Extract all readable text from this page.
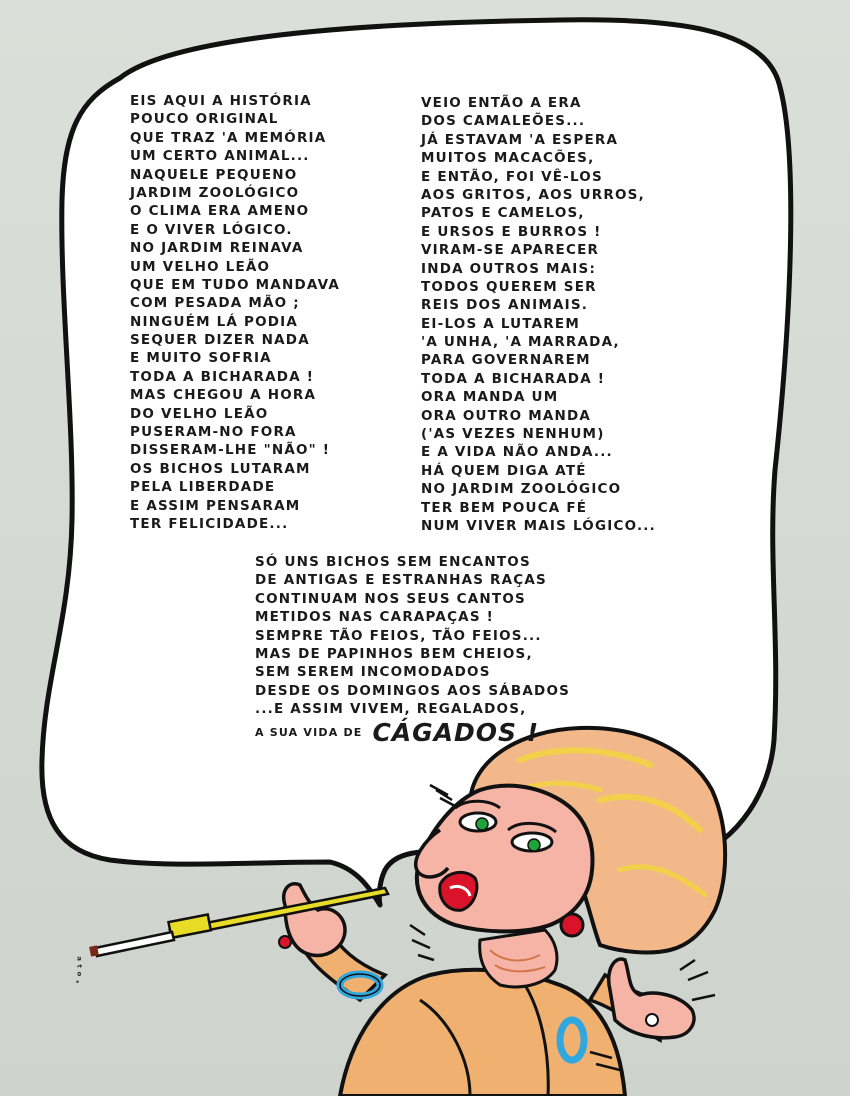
EIS AQUI A HISTÓRIA
POUCO ORIGINAL
QUE TRAZ 'A MEMÓRIA
UM CERTO ANIMAL...
NAQUELE PEQUENO
JARDIM ZOOLÓGICO
O CLIMA ERA AMENO
E O VIVER LÓGICO.
NO JARDIM REINAVA
UM VELHO LEÃO
QUE EM TUDO MANDAVA
COM PESADA MÃO ;
NINGUÉM LÁ PODIA
SEQUER DIZER NADA
E MUITO SOFRIA
TODA A BICHARADA !
MAS CHEGOU A HORA
DO VELHO LEÃO
PUSERAM-NO FORA
DISSERAM-LHE "NÃO" !
OS BICHOS LUTARAM
PELA LIBERDADE
E ASSIM PENSARAM
TER FELICIDADE...
VEIO ENTÃO A ERA
DOS CAMALEÕES...
JÁ ESTAVAM 'A ESPERA
MUITOS MACACÕES,
E ENTÃO, FOI VÊ-LOS
AOS GRITOS, AOS URROS,
PATOS E CAMELOS,
E URSOS E BURROS !
VIRAM-SE APARECER
INDA OUTROS MAIS:
TODOS QUEREM SER
REIS DOS ANIMAIS.
EI-LOS A LUTAREM
'A UNHA, 'A MARRADA,
PARA GOVERNAREM
TODA A BICHARADA !
ORA MANDA UM
ORA OUTRO MANDA
('AS VEZES NENHUM)
E A VIDA NÃO ANDA...
HÁ QUEM DIGA ATÉ
NO JARDIM ZOOLÓGICO
TER BEM POUCA FÉ
NUM VIVER MAIS LÓGICO...
SÓ UNS BICHOS SEM ENCANTOS
DE ANTIGAS E ESTRANHAS RAÇAS
CONTINUAM NOS SEUS CANTOS
METIDOS NAS CARAPAÇAS !
SEMPRE TÃO FEIOS, TÃO FEIOS...
MAS DE PAPINHOS BEM CHEIOS,
SEM SEREM INCOMODADOS
DESDE OS DOMINGOS AOS SÁBADOS
...E ASSIM VIVEM, REGALADOS,
A SUA VIDA DE CÁGADOS !
ᵃᵗᵒ·
